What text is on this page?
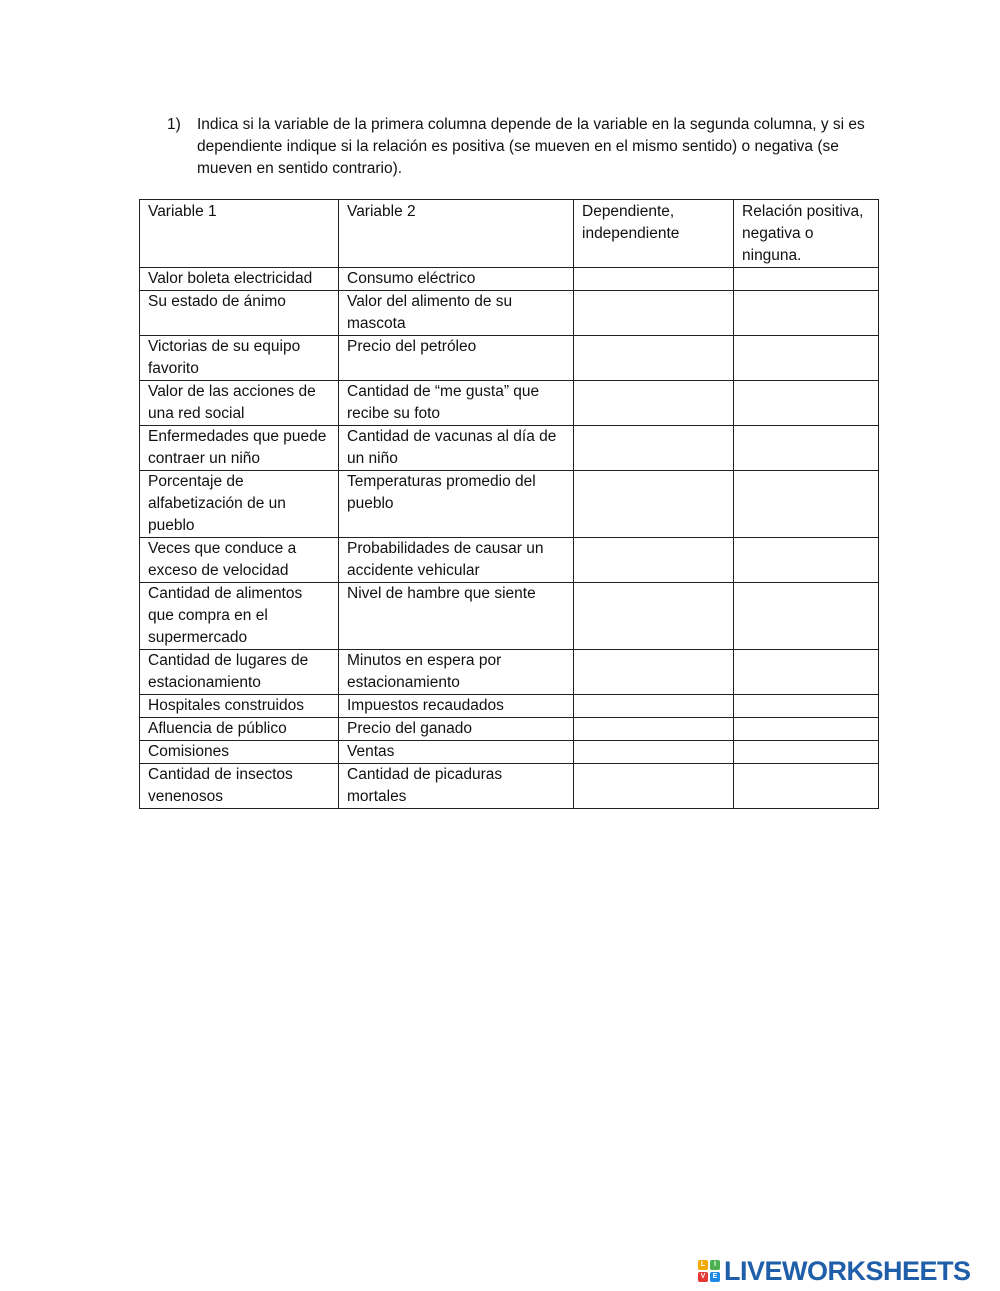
1)	Indica si la variable de la primera columna depende de la variable en la segunda columna, y si es dependiente indique si la relación es positiva (se mueven en el mismo sentido) o negativa (se mueven en sentido contrario).
Variable 1	Variable 2	Dependiente, independiente	Relación positiva, negativa o ninguna.
Valor boleta electricidad	Consumo eléctrico		
Su estado de ánimo	Valor del alimento de su mascota		
Victorias de su equipo favorito	Precio del petróleo		
Valor de las acciones de una red social	Cantidad de “me gusta” que recibe su foto		
Enfermedades que puede contraer un niño	Cantidad de vacunas al día de un niño		
Porcentaje de alfabetización de un pueblo	Temperaturas promedio del pueblo		
Veces que conduce a exceso de velocidad	Probabilidades de causar un accidente vehicular		
Cantidad de alimentos que compra en el supermercado	Nivel de hambre que siente		
Cantidad de lugares de estacionamiento	Minutos en espera por estacionamiento		
Hospitales construidos	Impuestos recaudados		
Afluencia de público	Precio del ganado		
Comisiones	Ventas		
Cantidad de insectos venenosos	Cantidad de picaduras mortales		
L	I
V	E LIVEWORKSHEETS
